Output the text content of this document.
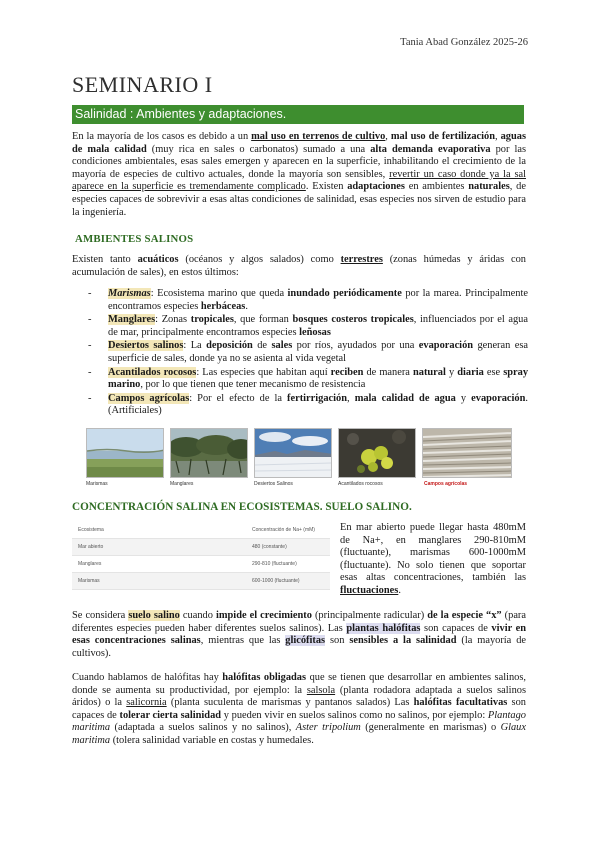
Tania Abad González 2025-26
SEMINARIO I
Salinidad : Ambientes y adaptaciones.

En la mayoría de los casos es debido a un mal uso en terrenos de cultivo, mal uso de fertilización, aguas de mala calidad (muy rica en sales o carbonatos) sumado a una alta demanda evaporativa por las condiciones ambientales, esas sales emergen y aparecen en la superficie, inhabilitando el crecimiento de la mayoría de especies de cultivo actuales, donde la mayoría son sensibles, revertir un caso donde ya la sal aparece en la superficie es tremendamente complicado. Existen adaptaciones en ambientes naturales, de especies capaces de sobrevivir a esas altas condiciones de salinidad, esas especies nos sirven de estudio para la ingeniería.

AMBIENTES SALINOS

Existen tanto acuáticos (océanos y algos salados) como terrestres (zonas húmedas y áridas con acumulación de sales), en estos últimos:

- Marismas: Ecosistema marino que queda inundado periódicamente por la marea. Principalmente encontramos especies herbáceas.
- Manglares: Zonas tropicales, que forman bosques costeros tropicales, influenciados por el agua de mar, principalmente encontramos especies leñosas
- Desiertos salinos: La deposición de sales por ríos, ayudados por una evaporación generan esa superficie de sales, donde ya no se asienta al vida vegetal
- Acantilados rocosos: Las especies que habitan aquí reciben de manera natural y diaria ese spray marino, por lo que tienen que tener mecanismo de resistencia
- Campos agrícolas: Por el efecto de la fertirrigación, mala calidad de agua y evaporación. (Artificiales)
Marismas	Manglares	Desiertos Salinos	Acantilados rocosos	Campos agrícolas
CONCENTRACIÓN SALINA EN ECOSISTEMAS. SUELO SALINO.
Ecosistema	Concentración de Na+ (mM)
Mar abierto	480 (constante)
Manglares	290-810 (fluctuante)
Marismas	600-1000 (fluctuante)

En mar abierto puede llegar hasta 480mM de Na+, en manglares 290-810mM (fluctuante), marismas 600-1000mM (fluctuante). No solo tienen que soportar esas altas concentraciones, también las fluctuaciones.

Se considera suelo salino cuando impide el crecimiento (principalmente radicular) de la especie “x” (para diferentes especies pueden haber diferentes suelos salinos). Las plantas halófitas son capaces de vivir en esas concentraciones salinas, mientras que las glicófitas son sensibles a la salinidad (la mayoría de cultivos).

Cuando hablamos de halófitas hay halófitas obligadas que se tienen que desarrollar en ambientes salinos, donde se aumenta su productividad, por ejemplo: la salsola (planta rodadora adaptada a suelos salinos áridos) o la salicornia (planta suculenta de marismas y pantanos salados) Las halófitas facultativas son capaces de tolerar cierta salinidad y pueden vivir en suelos salinos como no salinos, por ejemplo: Plantago maritima (adaptada a suelos salinos y no salinos), Aster tripolium (generalmente en marismas) o Glaux maritima (tolera salinidad variable en costas y humedales.
